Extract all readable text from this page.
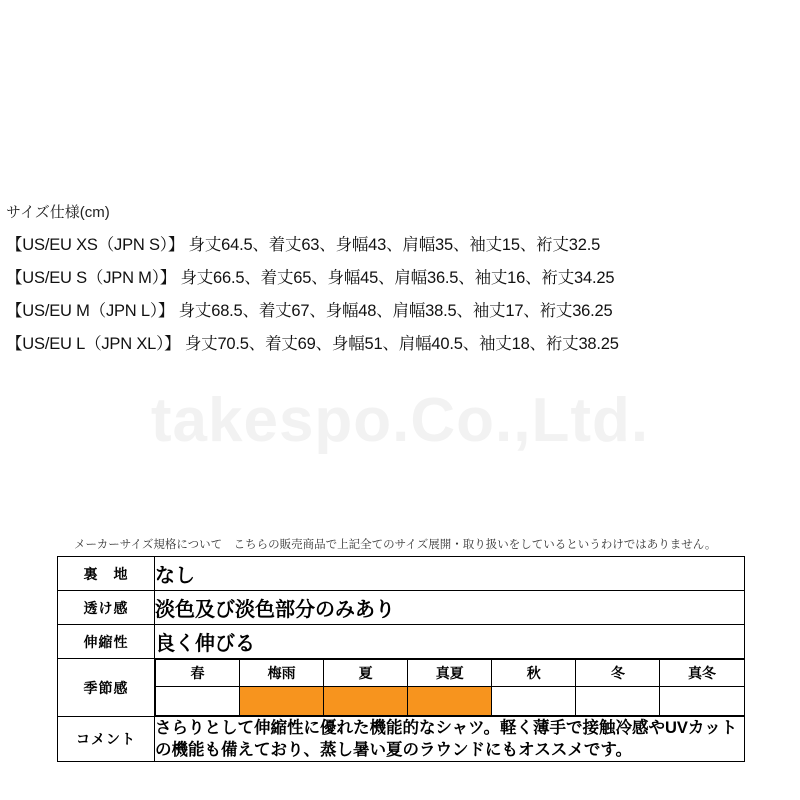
サイズ仕様(cm)
【US/EU XS（JPN S）】 身丈64.5、着丈63、身幅43、肩幅35、袖丈15、裄丈32.5
【US/EU S（JPN M）】 身丈66.5、着丈65、身幅45、肩幅36.5、袖丈16、裄丈34.25
【US/EU M（JPN L）】 身丈68.5、着丈67、身幅48、肩幅38.5、袖丈17、裄丈36.25
【US/EU L（JPN XL）】 身丈70.5、着丈69、身幅51、肩幅40.5、袖丈18、裄丈38.25
takespo.Co.,Ltd.
メーカーサイズ規格について　こちらの販売商品で上記全てのサイズ展開・取り扱いをしているというわけではありません。
裏　地	なし
透け感	淡色及び淡色部分のみあり
伸縮性	良く伸びる
季節感	
春	梅雨	夏	真夏	秋	冬	真冬

コメント	さらりとして伸縮性に優れた機能的なシャツ。軽く薄手で接触冷感やUVカットの機能も備えており、蒸し暑い夏のラウンドにもオススメです。
